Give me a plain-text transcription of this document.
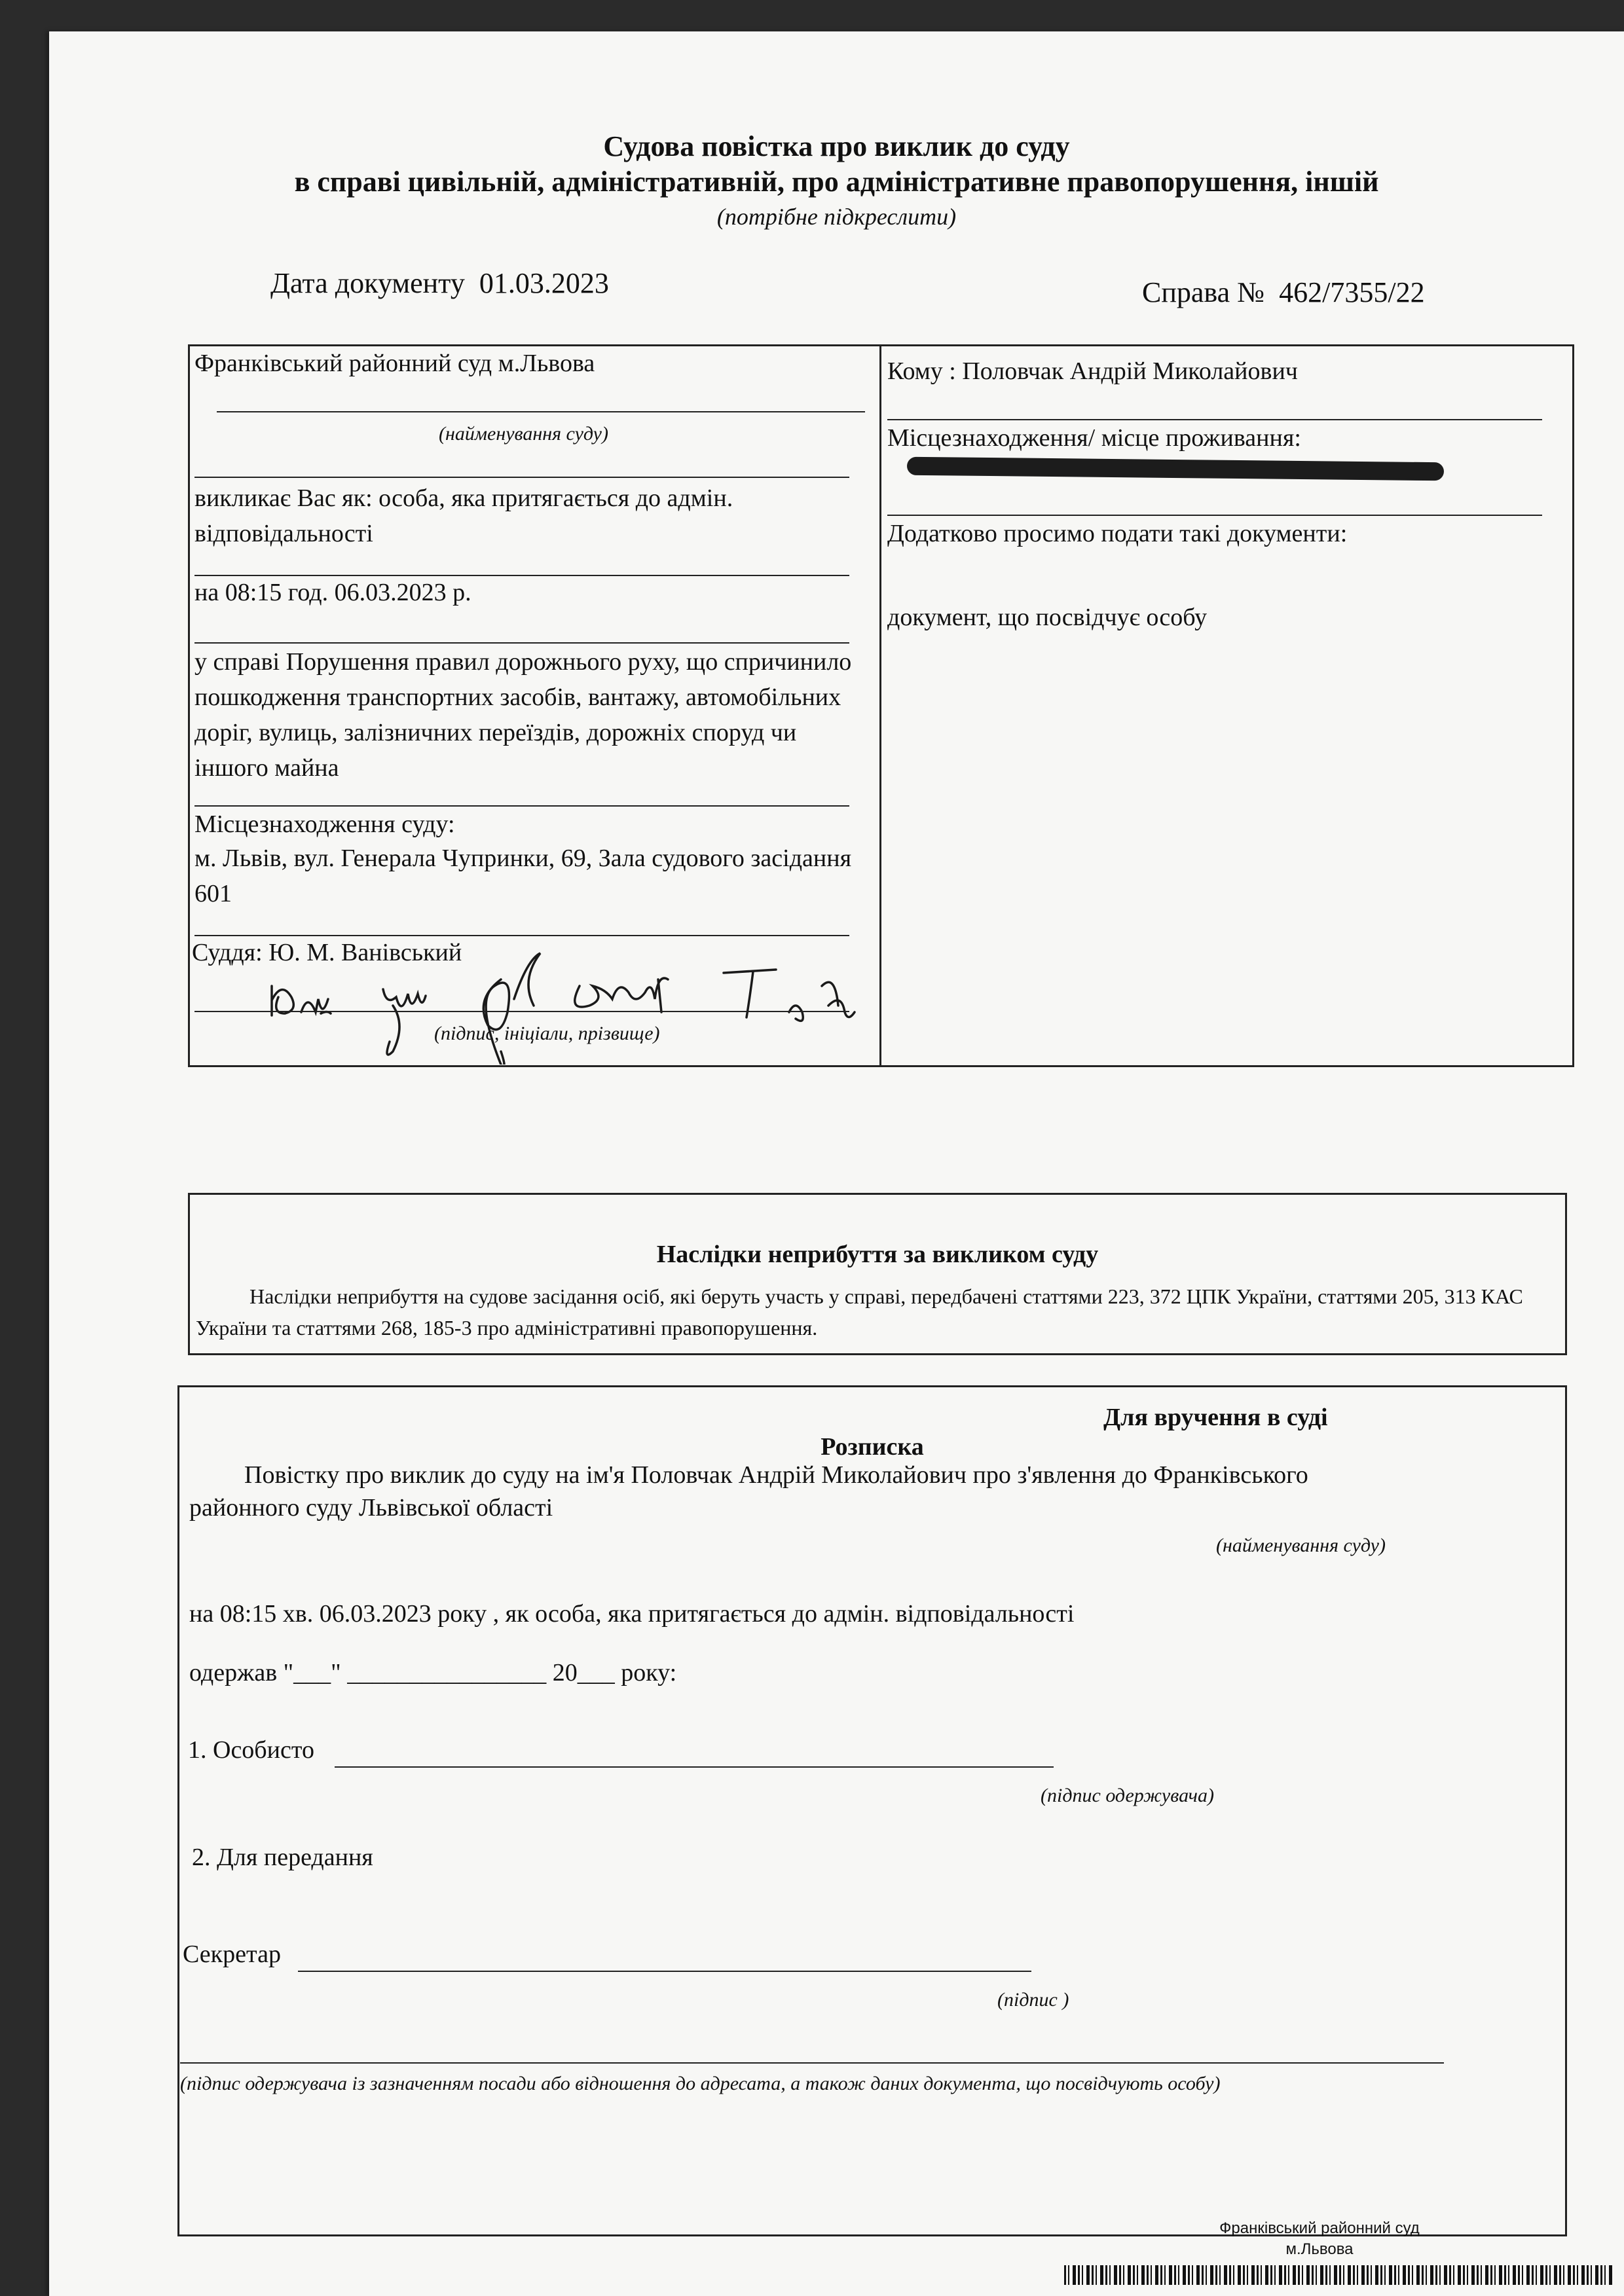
Судова повістка про виклик до суду
в справі цивільній, адміністративній, про адміністративне правопорушення, іншій
(потрібне підкреслити)
Дата документу 01.03.2023	Справа № 462/7355/22
Франківський районний суд м.Львова
(найменування суду)
викликає Вас як: особа, яка притягається до адмін. відповідальності
на 08:15 год. 06.03.2023 р.
у справі Порушення правил дорожнього руху, що спричинило пошкодження транспортних засобів, вантажу, автомобільних доріг, вулиць, залізничних переїздів, дорожніх споруд чи іншого майна
Місцезнаходження суду:
м. Львів, вул. Генерала Чупринки, 69, Зала судового засідання 601
Суддя: Ю. М. Ванівський
(підпис, ініціали, прізвище)
Кому : Половчак Андрій Миколайович
Місцезнаходження/ місце проживання:
Додатково просимо подати такі документи:
документ, що посвідчує особу
Наслідки неприбуття за викликом суду
Наслідки неприбуття на судове засідання осіб, які беруть участь у справі, передбачені статтями 223, 372 ЦПК України, статтями 205, 313 КАС України та статтями 268, 185-3 про адміністративні правопорушення.
Для вручення в суді
Розписка
Повістку про виклик до суду на ім'я Половчак Андрій Миколайович про з'явлення до Франківського
районного суду Львівської області
(найменування суду)
на 08:15 хв. 06.03.2023 року , як особа, яка притягається до адмін. відповідальності
одержав "___" ________________ 20___ року:
1. Особисто
(підпис одержувача)
2. Для передання
Секретар
(підпис )
(підпис одержувача із зазначенням посади або відношення до адресата, а також даних документа, що посвідчують особу)
Франківський районний суд
м.Львова
